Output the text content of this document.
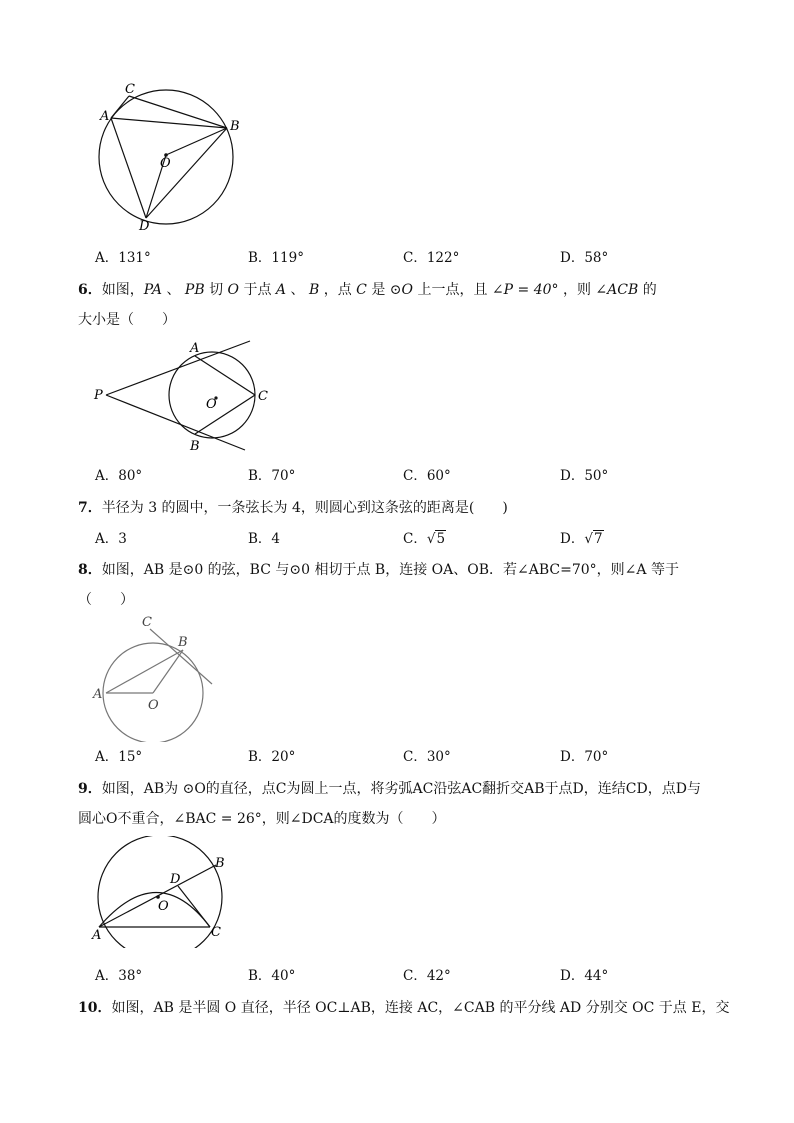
C
A
B
O
D
A．131°	B．119°	C．122°	D．58°
6．如图，PA 、 PB 切 O 于点 A 、 B ，点 C 是 ⊙O 上一点，且 ∠P = 40° ，则 ∠ACB 的
大小是（　　）
P
A
B
C
O
A．80°	B．70°	C．60°	D．50°
7．半径为 3 的圆中，一条弦长为 4，则圆心到这条弦的距离是(　　)
A．3	B．4	C．√5	D．√7
8．如图，AB 是⊙0 的弦，BC 与⊙0 相切于点 B，连接 OA、OB．若∠ABC=70°，则∠A 等于
（　　）
C
B
A
O
A．15°	B．20°	C．30°	D．70°
9．如图，AB为 ⊙O的直径，点C为圆上一点，将劣弧AC沿弦AC翻折交AB于点D，连结CD，点D与
圆心O不重合，∠BAC = 26°，则∠DCA的度数为（　　）
B
D
O
A	C
A．38°	B．40°	C．42°	D．44°
10．如图，AB 是半圆 O 直径，半径 OC⊥AB，连接 AC，∠CAB 的平分线 AD 分别交 OC 于点 E，交
